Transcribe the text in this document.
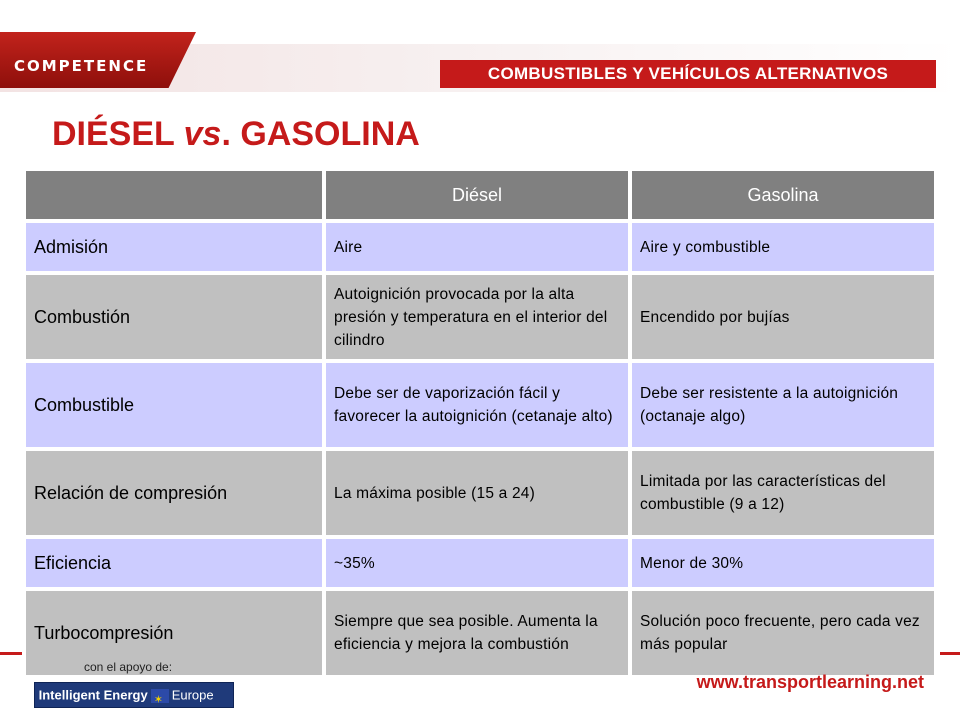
COMPETENCE	COMBUSTIBLES Y VEHÍCULOS ALTERNATIVOS
DIÉSEL vs. GASOLINA
	Diésel	Gasolina
Admisión	Aire	Aire y combustible
Combustión	Autoignición provocada por la alta presión y temperatura en el interior del cilindro	Encendido por bujías
Combustible	Debe ser de vaporización fácil y favorecer la autoignición (cetanaje alto)	Debe ser resistente a la autoignición (octanaje algo)
Relación de compresión	La máxima posible (15 a 24)	Limitada por las características del combustible (9 a 12)
Eficiencia	~35%	Menor de 30%
Turbocompresión	Siempre que sea posible. Aumenta la eficiencia y mejora la combustión	Solución poco frecuente, pero cada vez más popular
con el apoyo de:
Intelligent Energy ✶ Europe
www.transportlearning.net
